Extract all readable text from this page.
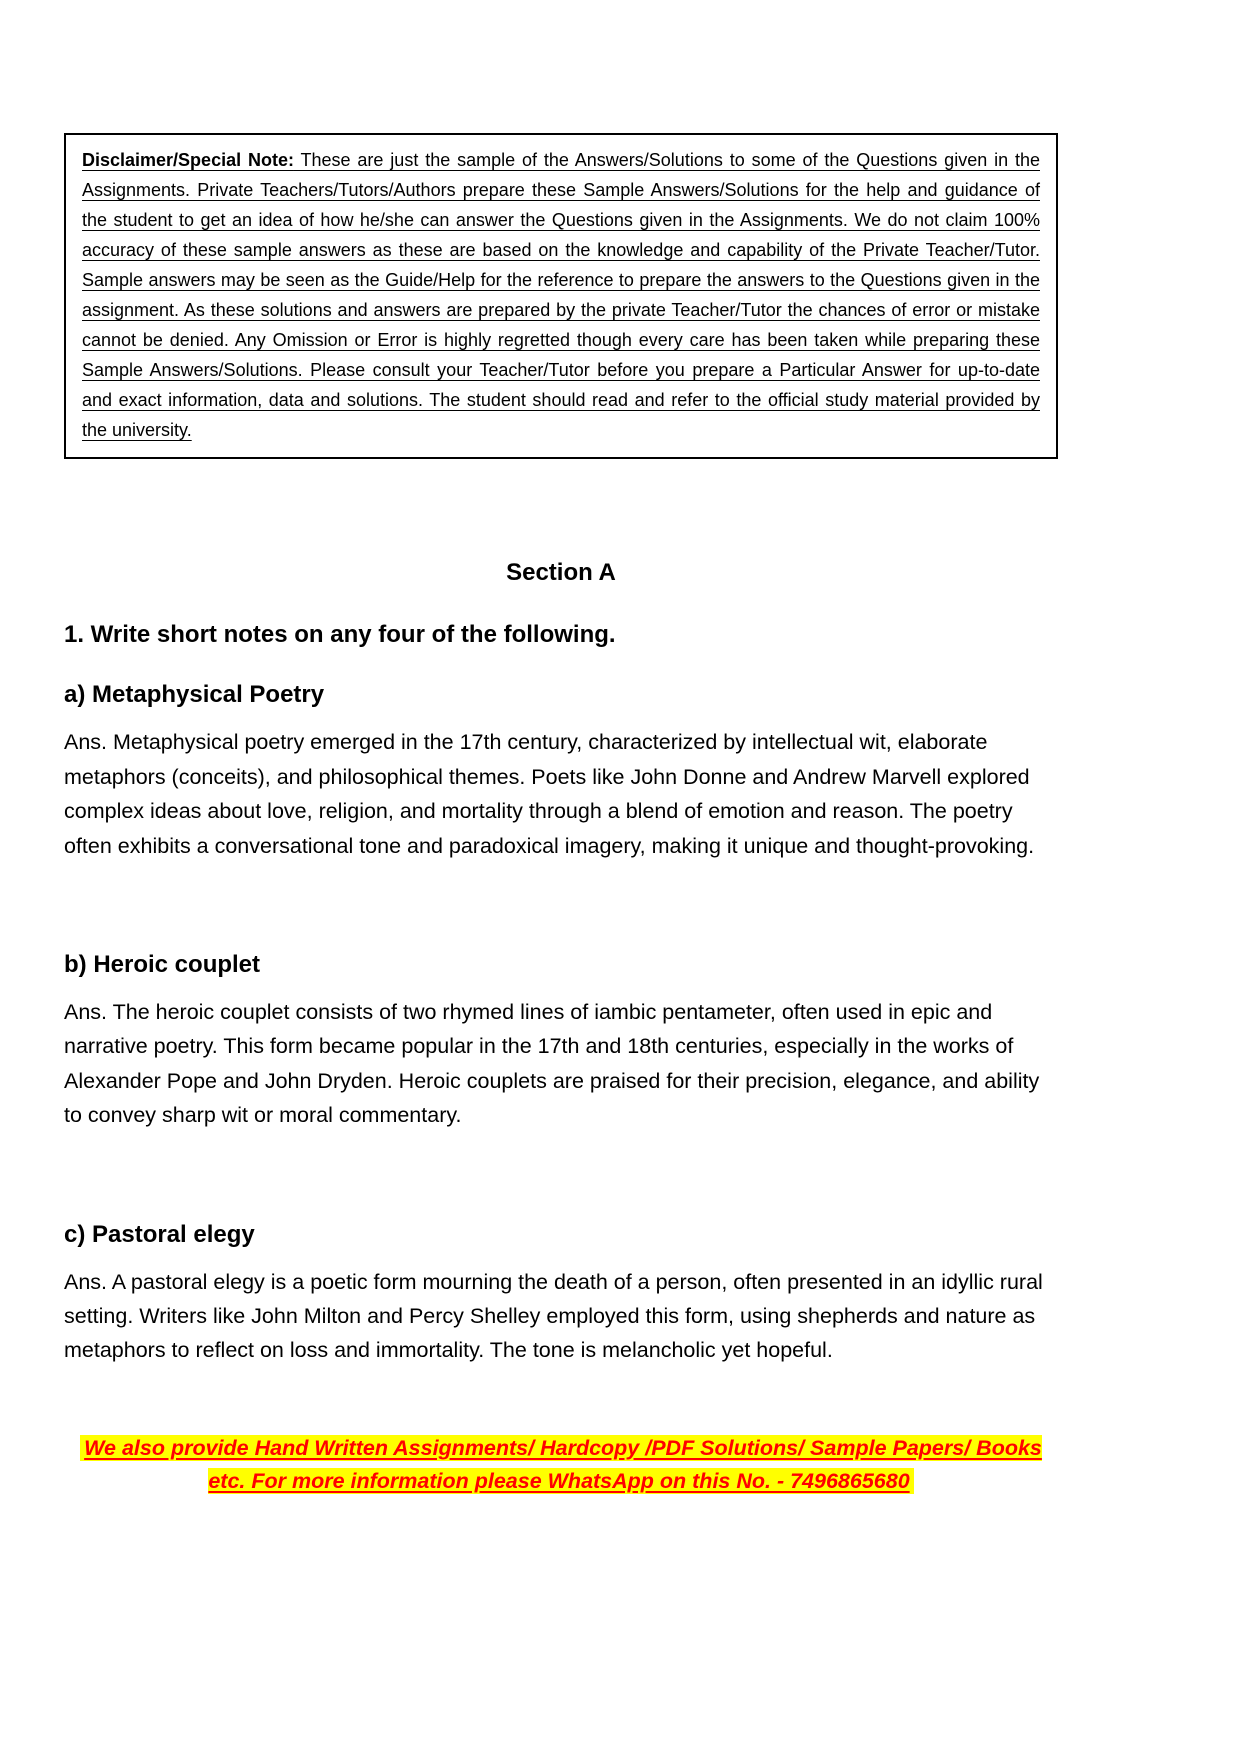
Disclaimer/Special Note: These are just the sample of the Answers/Solutions to some of the Questions given in the Assignments. Private Teachers/Tutors/Authors prepare these Sample Answers/Solutions for the help and guidance of the student to get an idea of how he/she can answer the Questions given in the Assignments. We do not claim 100% accuracy of these sample answers as these are based on the knowledge and capability of the Private Teacher/Tutor. Sample answers may be seen as the Guide/Help for the reference to prepare the answers to the Questions given in the assignment. As these solutions and answers are prepared by the private Teacher/Tutor the chances of error or mistake cannot be denied. Any Omission or Error is highly regretted though every care has been taken while preparing these Sample Answers/Solutions. Please consult your Teacher/Tutor before you prepare a Particular Answer for up-to-date and exact information, data and solutions. The student should read and refer to the official study material provided by the university.

Section A
1. Write short notes on any four of the following.
a) Metaphysical Poetry

Ans. Metaphysical poetry emerged in the 17th century, characterized by intellectual wit, elaborate metaphors (conceits), and philosophical themes. Poets like John Donne and Andrew Marvell explored complex ideas about love, religion, and mortality through a blend of emotion and reason. The poetry often exhibits a conversational tone and paradoxical imagery, making it unique and thought-provoking.

b) Heroic couplet

Ans. The heroic couplet consists of two rhymed lines of iambic pentameter, often used in epic and narrative poetry. This form became popular in the 17th and 18th centuries, especially in the works of Alexander Pope and John Dryden. Heroic couplets are praised for their precision, elegance, and ability to convey sharp wit or moral commentary.

c) Pastoral elegy

Ans. A pastoral elegy is a poetic form mourning the death of a person, often presented in an idyllic rural setting. Writers like John Milton and Percy Shelley employed this form, using shepherds and nature as metaphors to reflect on loss and immortality. The tone is melancholic yet hopeful.

We also provide Hand Written Assignments/ Hardcopy /PDF Solutions/ Sample Papers/ Books etc. For more information please WhatsApp on this No. - 7496865680
